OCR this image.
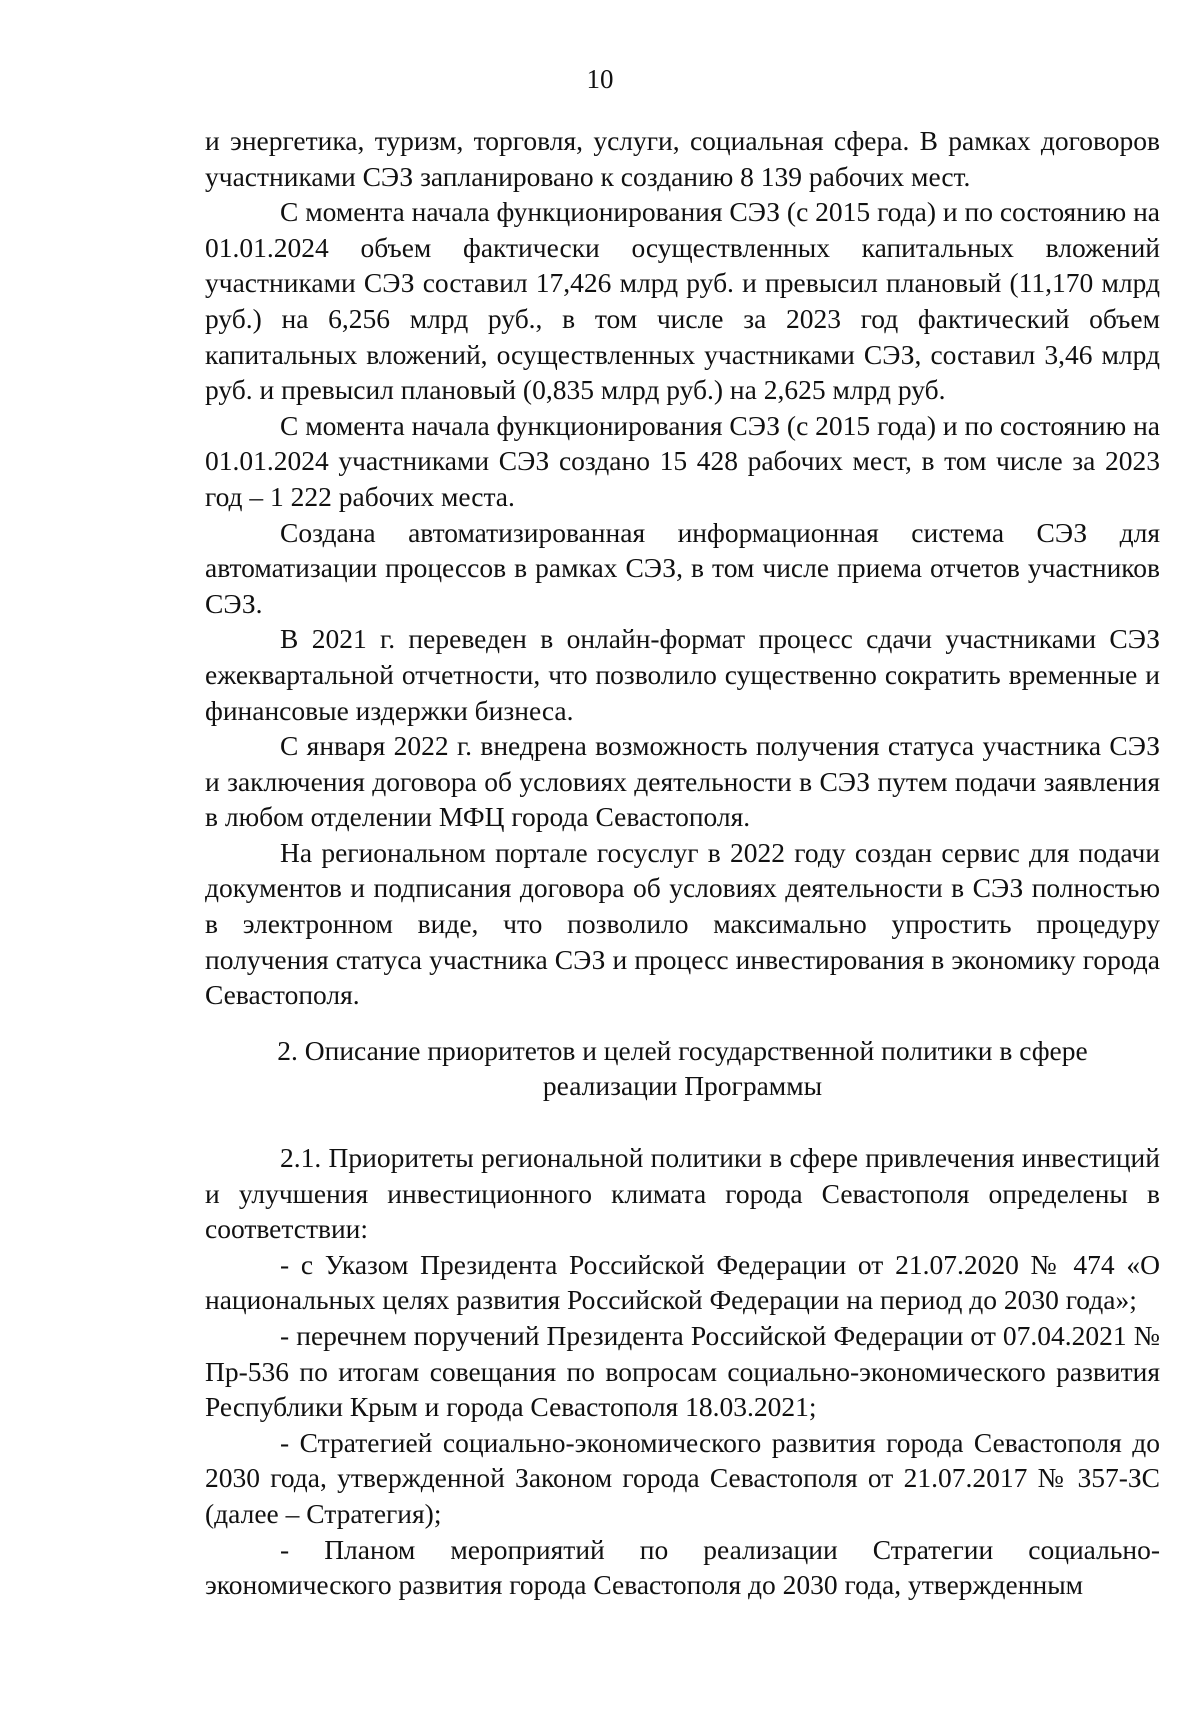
10

и энергетика, туризм, торговля, услуги, социальная сфера. В рамках договоров участниками СЭЗ запланировано к созданию 8 139 рабочих мест.

С момента начала функционирования СЭЗ (с 2015 года) и по состоянию на 01.01.2024 объем фактически осуществленных капитальных вложений участниками СЭЗ составил 17,426 млрд руб. и превысил плановый (11,170 млрд руб.) на 6,256 млрд руб., в том числе за 2023 год фактический объем капитальных вложений, осуществленных участниками СЭЗ, составил 3,46 млрд руб. и превысил плановый (0,835 млрд руб.) на 2,625 млрд руб.

С момента начала функционирования СЭЗ (с 2015 года) и по состоянию на 01.01.2024 участниками СЭЗ создано 15 428 рабочих мест, в том числе за 2023 год – 1 222 рабочих места.

Создана автоматизированная информационная система СЭЗ для автоматизации процессов в рамках СЭЗ, в том числе приема отчетов участников СЭЗ.

В 2021 г. переведен в онлайн-формат процесс сдачи участниками СЭЗ ежеквартальной отчетности, что позволило существенно сократить временные и финансовые издержки бизнеса.

С января 2022 г. внедрена возможность получения статуса участника СЭЗ и заключения договора об условиях деятельности в СЭЗ путем подачи заявления в любом отделении МФЦ города Севастополя.

На региональном портале госуслуг в 2022 году создан сервис для подачи документов и подписания договора об условиях деятельности в СЭЗ полностью в электронном виде, что позволило максимально упростить процедуру получения статуса участника СЭЗ и процесс инвестирования в экономику города Севастополя.

2. Описание приоритетов и целей государственной политики в сфере
реализации Программы

2.1. Приоритеты региональной политики в сфере привлечения инвестиций и улучшения инвестиционного климата города Севастополя определены в соответствии:

- с Указом Президента Российской Федерации от 21.07.2020 № 474 «О национальных целях развития Российской Федерации на период до 2030 года»;

- перечнем поручений Президента Российской Федерации от 07.04.2021 № Пр-536 по итогам совещания по вопросам социально-экономического развития Республики Крым и города Севастополя 18.03.2021;

- Стратегией социально-экономического развития города Севастополя до 2030 года, утвержденной Законом города Севастополя от 21.07.2017 № 357-ЗС (далее – Стратегия);

- Планом мероприятий по реализации Стратегии социально-экономического развития города Севастополя до 2030 года, утвержденным
